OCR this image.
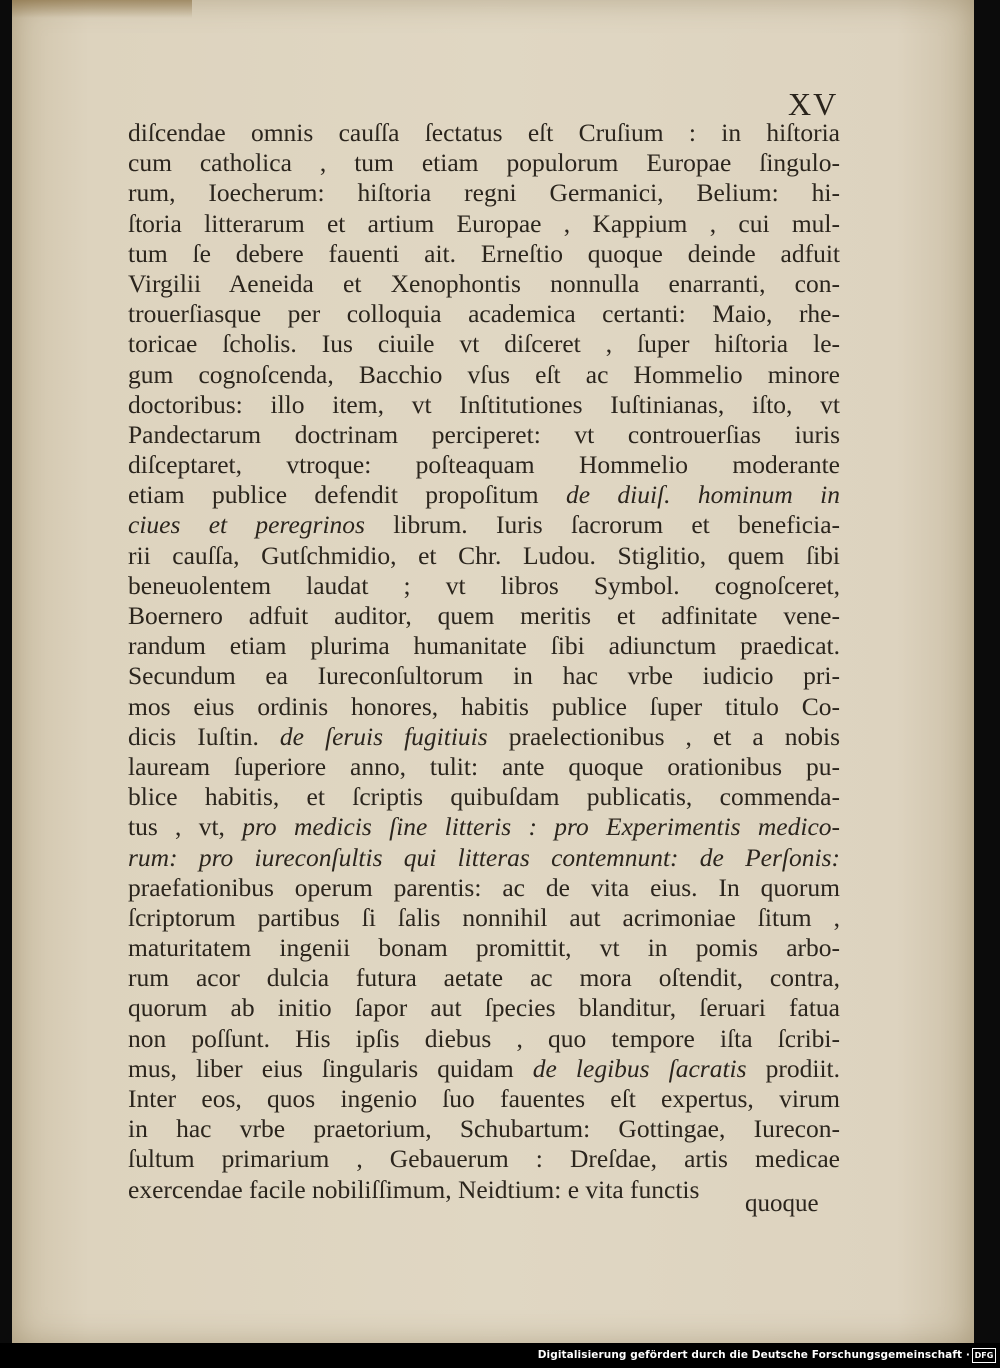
XV

diſcendae omnis cauſſa ſectatus eſt Cruſium : in hiſtoria
cum catholica , tum etiam populorum Europae ſingulo-
rum, Ioecherum: hiſtoria regni Germanici, Belium: hi-
ſtoria litterarum et artium Europae , Kappium , cui mul-
tum ſe debere fauenti ait. Erneſtio quoque deinde adfuit
Virgilii Aeneida et Xenophontis nonnulla enarranti, con-
trouerſiasque per colloquia academica certanti: Maio, rhe-
toricae ſcholis. Ius ciuile vt diſceret , ſuper hiſtoria le-
gum cognoſcenda, Bacchio vſus eſt ac Hommelio minore
doctoribus: illo item, vt Inſtitutiones Iuſtinianas, iſto, vt
Pandectarum doctrinam perciperet: vt controuerſias iuris
diſceptaret, vtroque: poſteaquam Hommelio moderante
etiam publice defendit propoſitum de diuiſ. hominum in
ciues et peregrinos librum. Iuris ſacrorum et beneficia-
rii cauſſa, Gutſchmidio, et Chr. Ludou. Stiglitio, quem ſibi
beneuolentem laudat ; vt libros Symbol. cognoſceret,
Boernero adfuit auditor, quem meritis et adfinitate vene-
randum etiam plurima humanitate ſibi adiunctum praedicat.
Secundum ea Iureconſultorum in hac vrbe iudicio pri-
mos eius ordinis honores, habitis publice ſuper titulo Co-
dicis Iuſtin. de ſeruis fugitiuis praelectionibus , et a nobis
lauream ſuperiore anno, tulit: ante quoque orationibus pu-
blice habitis, et ſcriptis quibuſdam publicatis, commenda-
tus , vt, pro medicis ſine litteris : pro Experimentis medico-
rum: pro iureconſultis qui litteras contemnunt: de Perſonis:
praefationibus operum parentis: ac de vita eius. In quorum
ſcriptorum partibus ſi ſalis nonnihil aut acrimoniae ſitum ,
maturitatem ingenii bonam promittit, vt in pomis arbo-
rum acor dulcia futura aetate ac mora oſtendit, contra,
quorum ab initio ſapor aut ſpecies blanditur, ſeruari fatua
non poſſunt. His ipſis diebus , quo tempore iſta ſcribi-
mus, liber eius ſingularis quidam de legibus ſacratis prodiit.
Inter eos, quos ingenio ſuo fauentes eſt expertus, virum
in hac vrbe praetorium, Schubartum: Gottingae, Iurecon-
ſultum primarium , Gebauerum : Dreſdae, artis medicae
exercendae facile nobiliſſimum, Neidtium: e vita functis	quoque

Digitalisierung gefördert durch die Deutsche Forschungsgemeinschaft · DFG
